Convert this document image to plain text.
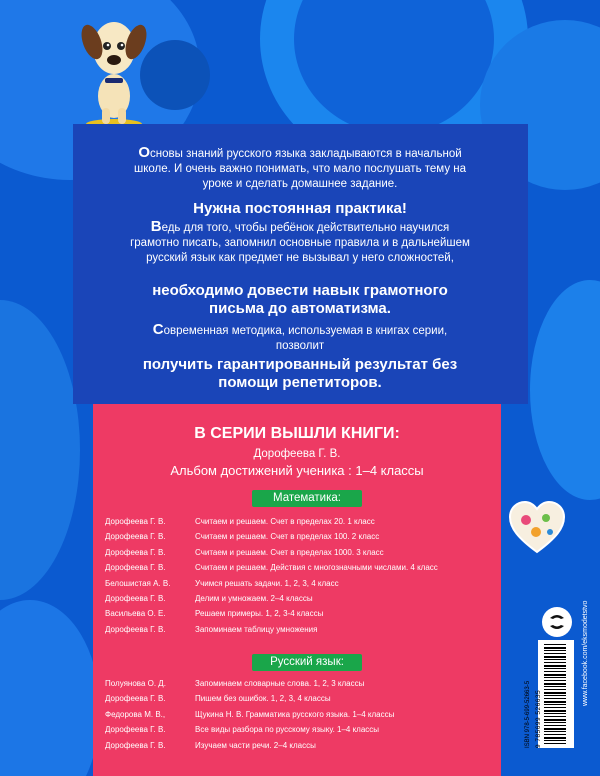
Основы знаний русского языка закладываются в начальной
школе. И очень важно понимать, что мало послушать тему на
уроке и сделать домашнее задание.

Нужна постоянная практика!

Ведь для того, чтобы ребёнок действительно научился
грамотно писать, запомнил основные правила и в дальнейшем
русский язык как предмет не вызывал у него сложностей,

необходимо довести навык грамотного
письма до автоматизма.

Современная методика, используемая в книгах серии,
позволит

получить гарантированный результат без
помощи репетиторов.

В СЕРИИ ВЫШЛИ КНИГИ:
Дорофеева Г. В.
Альбом достижений ученика : 1–4 классы
Математика:
Дорофеева Г. В.	Считаем и решаем. Счет в пределах 20. 1 класс
Дорофеева Г. В.	Считаем и решаем. Счет в пределах 100. 2 класс
Дорофеева Г. В.	Считаем и решаем. Счет в пределах 1000. 3 класс
Дорофеева Г. В.	Считаем и решаем. Действия с многозначными числами. 4 класс
Белошистая А. В.	Учимся решать задачи. 1, 2, 3, 4 класс
Дорофеева Г. В.	Делим и умножаем. 2–4 классы
Васильева О. Е.	Решаем примеры. 1, 2, 3-4 классы
Дорофеева Г. В.	Запоминаем таблицу умножения
Русский язык:
Полуянова О. Д.	Запоминаем словарные слова. 1, 2, 3 классы
Дорофеева Г. В.	Пишем без ошибок. 1, 2, 3, 4 классы
Федорова М. В.,	Щукина Н. В. Грамматика русского языка. 1–4 классы
Дорофеева Г. В.	Все виды разбора по русскому языку. 1–4 классы
Дорофеева Г. В.	Изучаем части речи. 2–4 классы	ISBN 978-5-699-52663-5 9 785699 526635
www.facebook.com/eksmodetstvo
